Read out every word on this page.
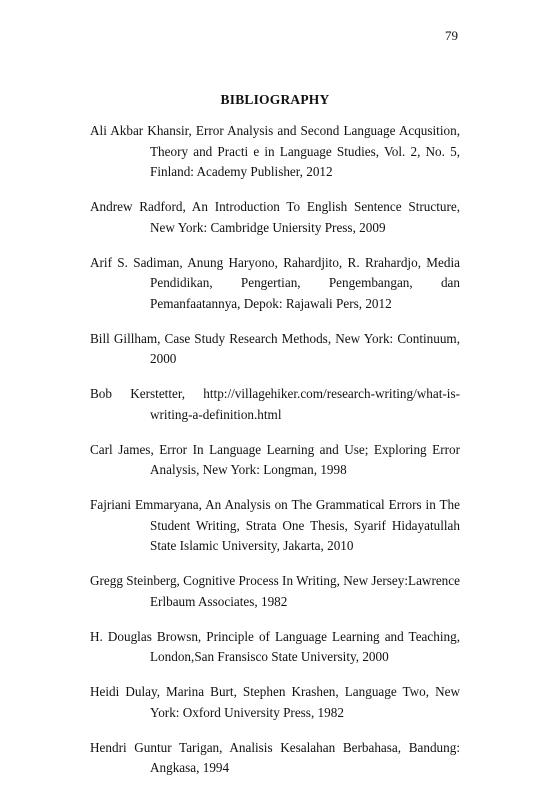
79
BIBLIOGRAPHY
Ali Akbar Khansir, Error Analysis and Second Language Acqusition, Theory and Practi e in Language Studies, Vol. 2, No. 5, Finland: Academy Publisher, 2012
Andrew Radford, An Introduction To English Sentence Structure, New York: Cambridge Uniersity Press, 2009
Arif S. Sadiman, Anung Haryono, Rahardjito, R. Rrahardjo, Media Pendidikan, Pengertian, Pengembangan, dan Pemanfaatannya, Depok: Rajawali Pers, 2012
Bill Gillham, Case Study Research Methods, New York: Continuum, 2000
Bob Kerstetter, http://villagehiker.com/research-writing/what-is-writing-a-definition.html
Carl James, Error In Language Learning and Use; Exploring Error Analysis, New York: Longman, 1998
Fajriani Emmaryana, An Analysis on The Grammatical Errors in The Student Writing, Strata One Thesis, Syarif Hidayatullah State Islamic University, Jakarta, 2010
Gregg Steinberg, Cognitive Process In Writing, New Jersey:Lawrence Erlbaum Associates, 1982
H. Douglas Browsn, Principle of Language Learning and Teaching, London,San Fransisco State University, 2000
Heidi Dulay, Marina Burt, Stephen Krashen, Language Two, New York: Oxford University Press, 1982
Hendri Guntur Tarigan, Analisis Kesalahan Berbahasa, Bandung: Angkasa, 1994
